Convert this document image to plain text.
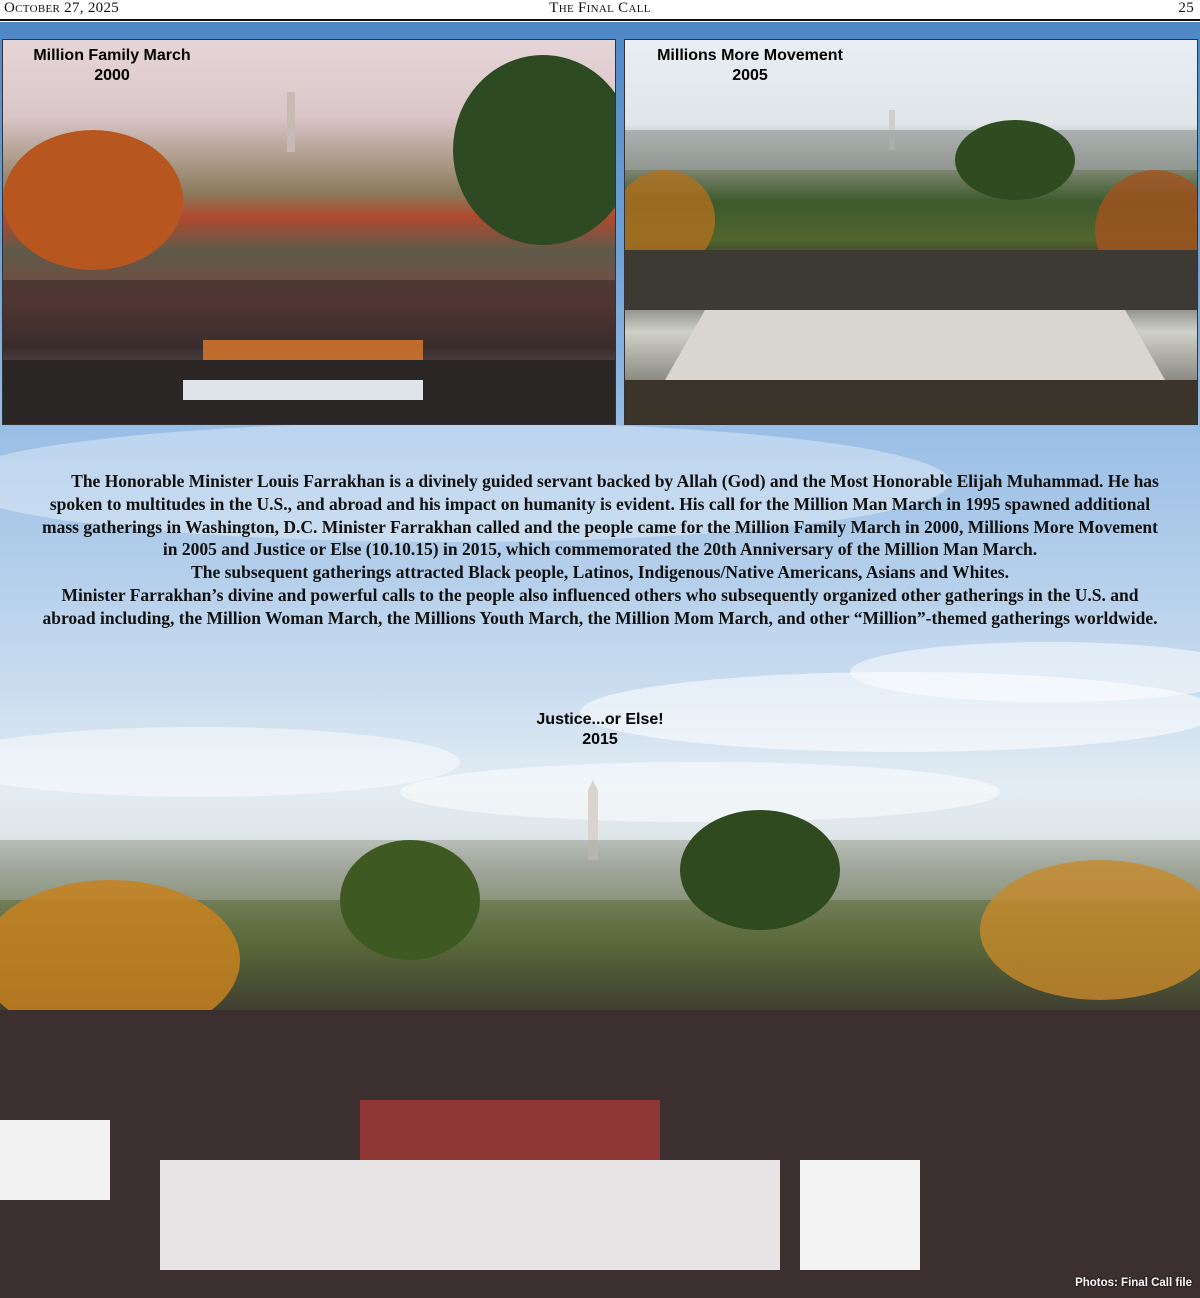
October 27, 2025	The Final Call	25
Million Family March
2000
Millions More Movement
2005

The Honorable Minister Louis Farrakhan is a divinely guided servant backed by Allah (God) and the Most Honorable Elijah Muhammad. He has spoken to multitudes in the U.S., and abroad and his impact on humanity is evident. His call for the Million Man March in 1995 spawned additional mass gatherings in Washington, D.C. Minister Farrakhan called and the people came for the Million Family March in 2000, Millions More Movement in 2005 and Justice or Else (10.10.15) in 2015, which commemorated the 20th Anniversary of the Million Man March.

The subsequent gatherings attracted Black people, Latinos, Indigenous/Native Americans, Asians and Whites.

Minister Farrakhan’s divine and powerful calls to the people also influenced others who subsequently organized other gatherings in the U.S. and abroad including, the Million Woman March, the Millions Youth March, the Million Mom March, and other “Million”-themed gatherings worldwide.

Justice...or Else!
2015
Photos: Final Call file
